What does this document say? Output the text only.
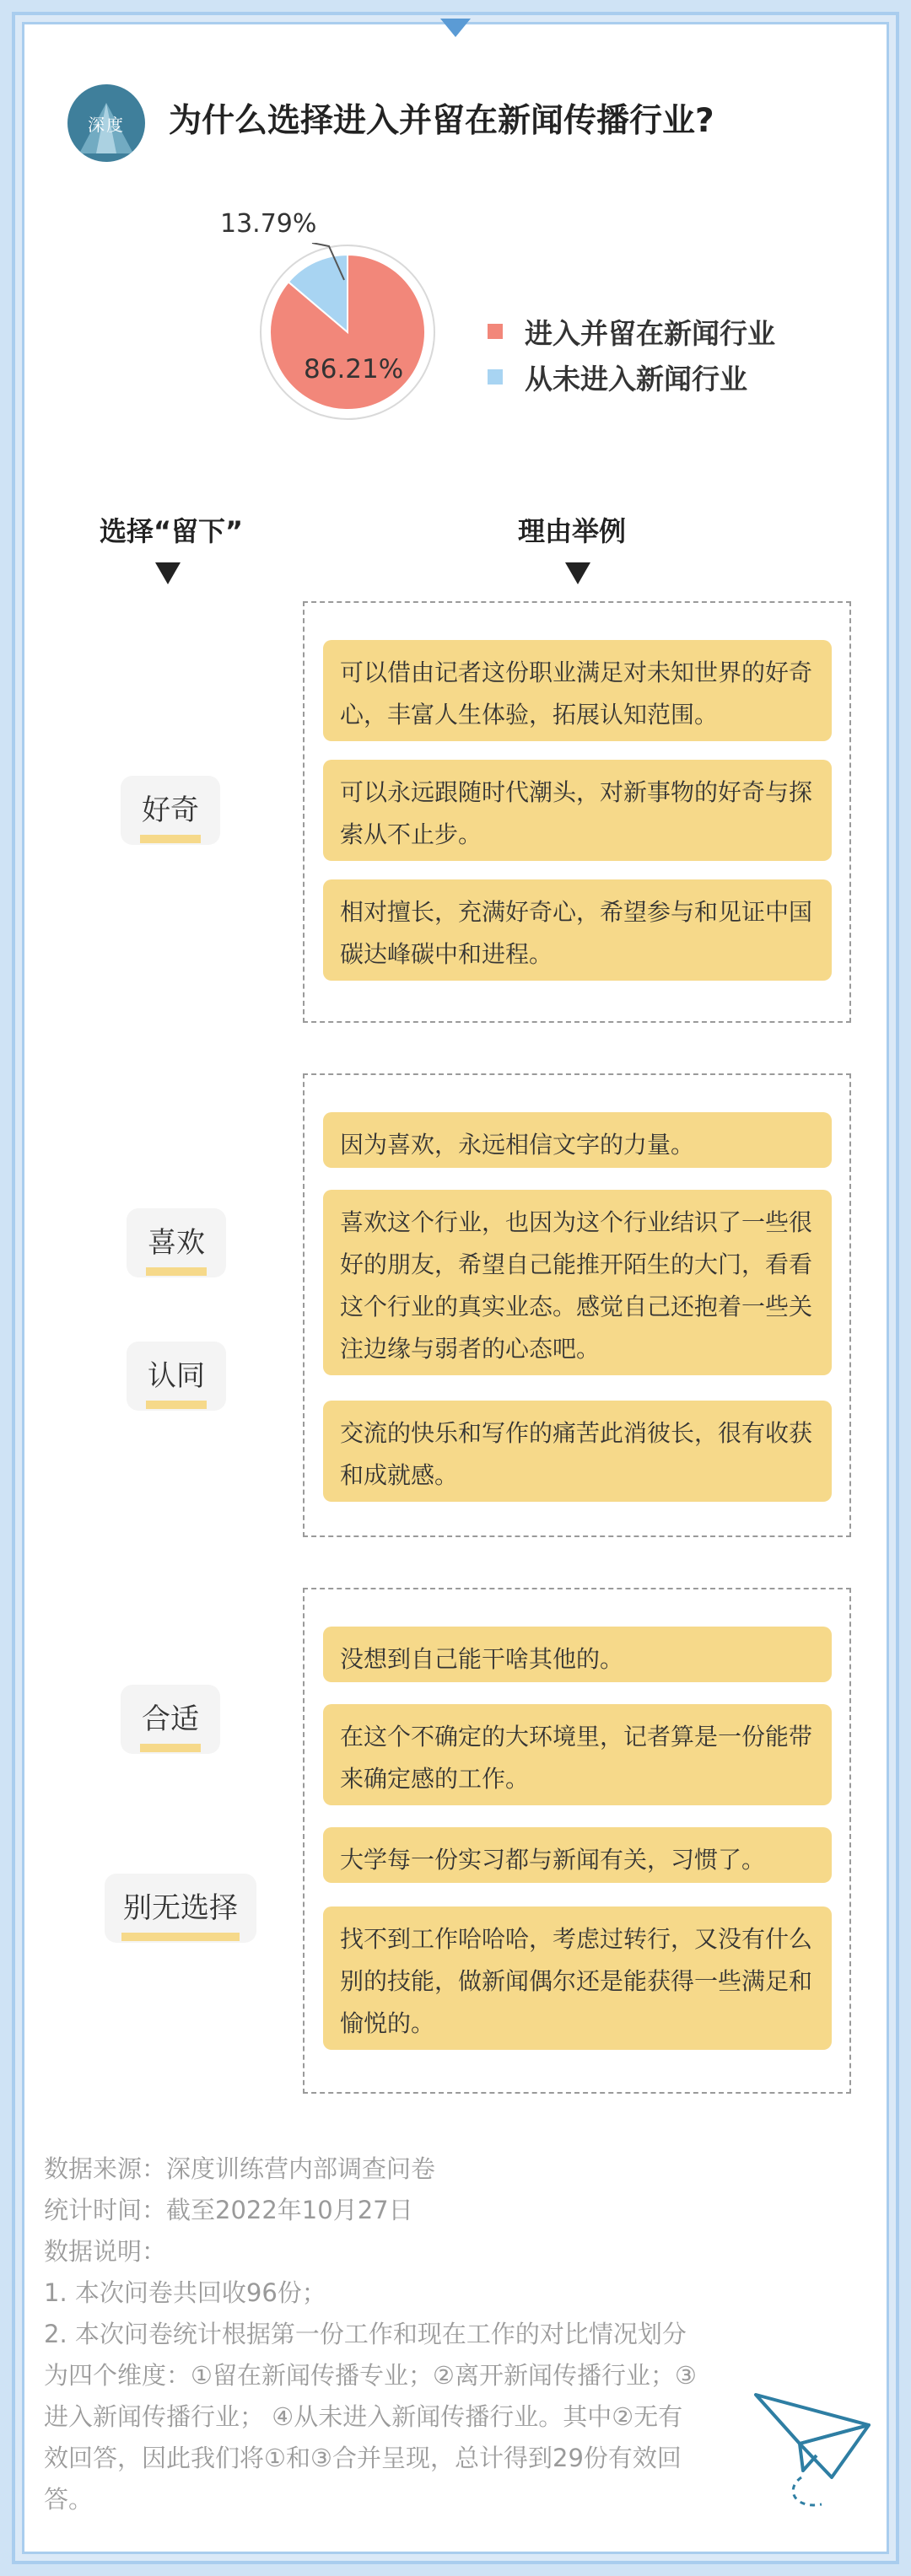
深度 为什么选择进入并留在新闻传播行业?
13.79%
86.21%
进入并留在新闻行业
从未进入新闻行业
选择“留下”	理由举例
可以借由记者这份职业满足对未知世界的好奇心，丰富人生体验，拓展认知范围。
可以永远跟随时代潮头，对新事物的好奇与探索从不止步。
相对擅长，充满好奇心，希望参与和见证中国碳达峰碳中和进程。
好奇
因为喜欢，永远相信文字的力量。
喜欢这个行业，也因为这个行业结识了一些很好的朋友，希望自己能推开陌生的大门，看看这个行业的真实业态。感觉自己还抱着一些关注边缘与弱者的心态吧。
交流的快乐和写作的痛苦此消彼长，很有收获和成就感。
喜欢
认同
没想到自己能干啥其他的。
在这个不确定的大环境里，记者算是一份能带来确定感的工作。
大学每一份实习都与新闻有关，习惯了。
找不到工作哈哈哈，考虑过转行，又没有什么别的技能，做新闻偶尔还是能获得一些满足和愉悦的。
合适
别无选择

数据来源：深度训练营内部调查问卷

统计时间：截至2022年10月27日

数据说明：

1. 本次问卷共回收96份；

2. 本次问卷统计根据第一份工作和现在工作的对比情况划分为四个维度：①留在新闻传播专业；②离开新闻传播行业；③进入新闻传播行业； ④从未进入新闻传播行业。其中②无有效回答，因此我们将①和③合并呈现，总计得到29份有效回答。
